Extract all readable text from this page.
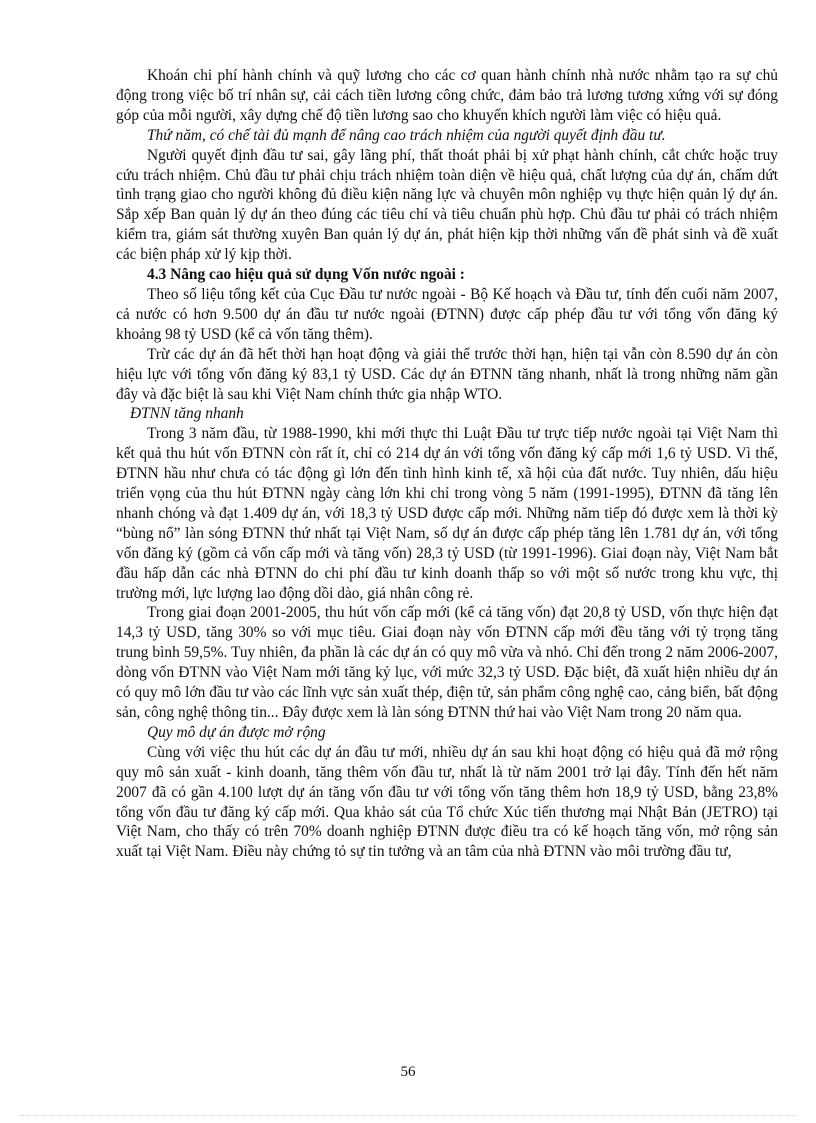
Khoán chi phí hành chính và quỹ lương cho các cơ quan hành chính nhà nước nhằm tạo ra sự chủ động trong việc bố trí nhân sự, cải cách tiền lương công chức, đảm bảo trả lương tương xứng với sự đóng góp của mỗi người, xây dựng chế độ tiền lương sao cho khuyến khích người làm việc có hiệu quả.

Thứ năm, có chế tài đủ mạnh để nâng cao trách nhiệm của người quyết định đầu tư.

Người quyết định đầu tư sai, gây lãng phí, thất thoát phải bị xử phạt hành chính, cắt chức hoặc truy cứu trách nhiệm. Chủ đầu tư phải chịu trách nhiệm toàn diện về hiệu quả, chất lượng của dự án, chấm dứt tình trạng giao cho người không đủ điều kiện năng lực và chuyên môn nghiệp vụ thực hiện quản lý dự án. Sắp xếp Ban quản lý dự án theo đúng các tiêu chí và tiêu chuẩn phù hợp. Chủ đầu tư phải có trách nhiệm kiểm tra, giám sát thường xuyên Ban quản lý dự án, phát hiện kịp thời những vấn đề phát sinh và đề xuất các biện pháp xử lý kịp thời.

4.3 Nâng cao hiệu quả sử dụng Vốn nước ngoài :

Theo số liệu tổng kết của Cục Đầu tư nước ngoài - Bộ Kế hoạch và Đầu tư, tính đến cuối năm 2007, cả nước có hơn 9.500 dự án đầu tư nước ngoài (ĐTNN) được cấp phép đầu tư với tổng vốn đăng ký khoảng 98 tỷ USD (kể cả vốn tăng thêm).

Trừ các dự án đã hết thời hạn hoạt động và giải thể trước thời hạn, hiện tại vẫn còn 8.590 dự án còn hiệu lực với tổng vốn đăng ký 83,1 tỷ USD. Các dự án ĐTNN tăng nhanh, nhất là trong những năm gần đây và đặc biệt là sau khi Việt Nam chính thức gia nhập WTO.

ĐTNN tăng nhanh

Trong 3 năm đầu, từ 1988-1990, khi mới thực thi Luật Đầu tư trực tiếp nước ngoài tại Việt Nam thì kết quả thu hút vốn ĐTNN còn rất ít, chỉ có 214 dự án với tổng vốn đăng ký cấp mới 1,6 tỷ USD. Vì thế, ĐTNN hầu như chưa có tác động gì lớn đến tình hình kinh tế, xã hội của đất nước. Tuy nhiên, dấu hiệu triển vọng của thu hút ĐTNN ngày càng lớn khi chỉ trong vòng 5 năm (1991-1995), ĐTNN đã tăng lên nhanh chóng và đạt 1.409 dự án, với 18,3 tỷ USD được cấp mới. Những năm tiếp đó được xem là thời kỳ “bùng nổ” làn sóng ĐTNN thứ nhất tại Việt Nam, số dự án được cấp phép tăng lên 1.781 dự án, với tổng vốn đăng ký (gồm cả vốn cấp mới và tăng vốn) 28,3 tỷ USD (từ 1991-1996). Giai đoạn này, Việt Nam bắt đầu hấp dẫn các nhà ĐTNN do chi phí đầu tư kinh doanh thấp so với một số nước trong khu vực, thị trường mới, lực lượng lao động dồi dào, giá nhân công rẻ.

Trong giai đoạn 2001-2005, thu hút vốn cấp mới (kể cả tăng vốn) đạt 20,8 tỷ USD, vốn thực hiện đạt 14,3 tỷ USD, tăng 30% so với mục tiêu. Giai đoạn này vốn ĐTNN cấp mới đều tăng với tỷ trọng tăng trung bình 59,5%. Tuy nhiên, đa phần là các dự án có quy mô vừa và nhỏ. Chỉ đến trong 2 năm 2006-2007, dòng vốn ĐTNN vào Việt Nam mới tăng kỷ lục, với mức 32,3 tỷ USD. Đặc biệt, đã xuất hiện nhiều dự án có quy mô lớn đầu tư vào các lĩnh vực sản xuất thép, điện tử, sản phẩm công nghệ cao, cảng biển, bất động sản, công nghệ thông tin... Đây được xem là làn sóng ĐTNN thứ hai vào Việt Nam trong 20 năm qua.

Quy mô dự án được mở rộng

Cùng với việc thu hút các dự án đầu tư mới, nhiều dự án sau khi hoạt động có hiệu quả đã mở rộng quy mô sản xuất - kinh doanh, tăng thêm vốn đầu tư, nhất là từ năm 2001 trở lại đây. Tính đến hết năm 2007 đã có gần 4.100 lượt dự án tăng vốn đầu tư với tổng vốn tăng thêm hơn 18,9 tỷ USD, bằng 23,8% tổng vốn đầu tư đăng ký cấp mới. Qua khảo sát của Tổ chức Xúc tiến thương mại Nhật Bản (JETRO) tại Việt Nam, cho thấy có trên 70% doanh nghiệp ĐTNN được điều tra có kế hoạch tăng vốn, mở rộng sản xuất tại Việt Nam. Điều này chứng tỏ sự tin tưởng và an tâm của nhà ĐTNN vào môi trường đầu tư,

56
